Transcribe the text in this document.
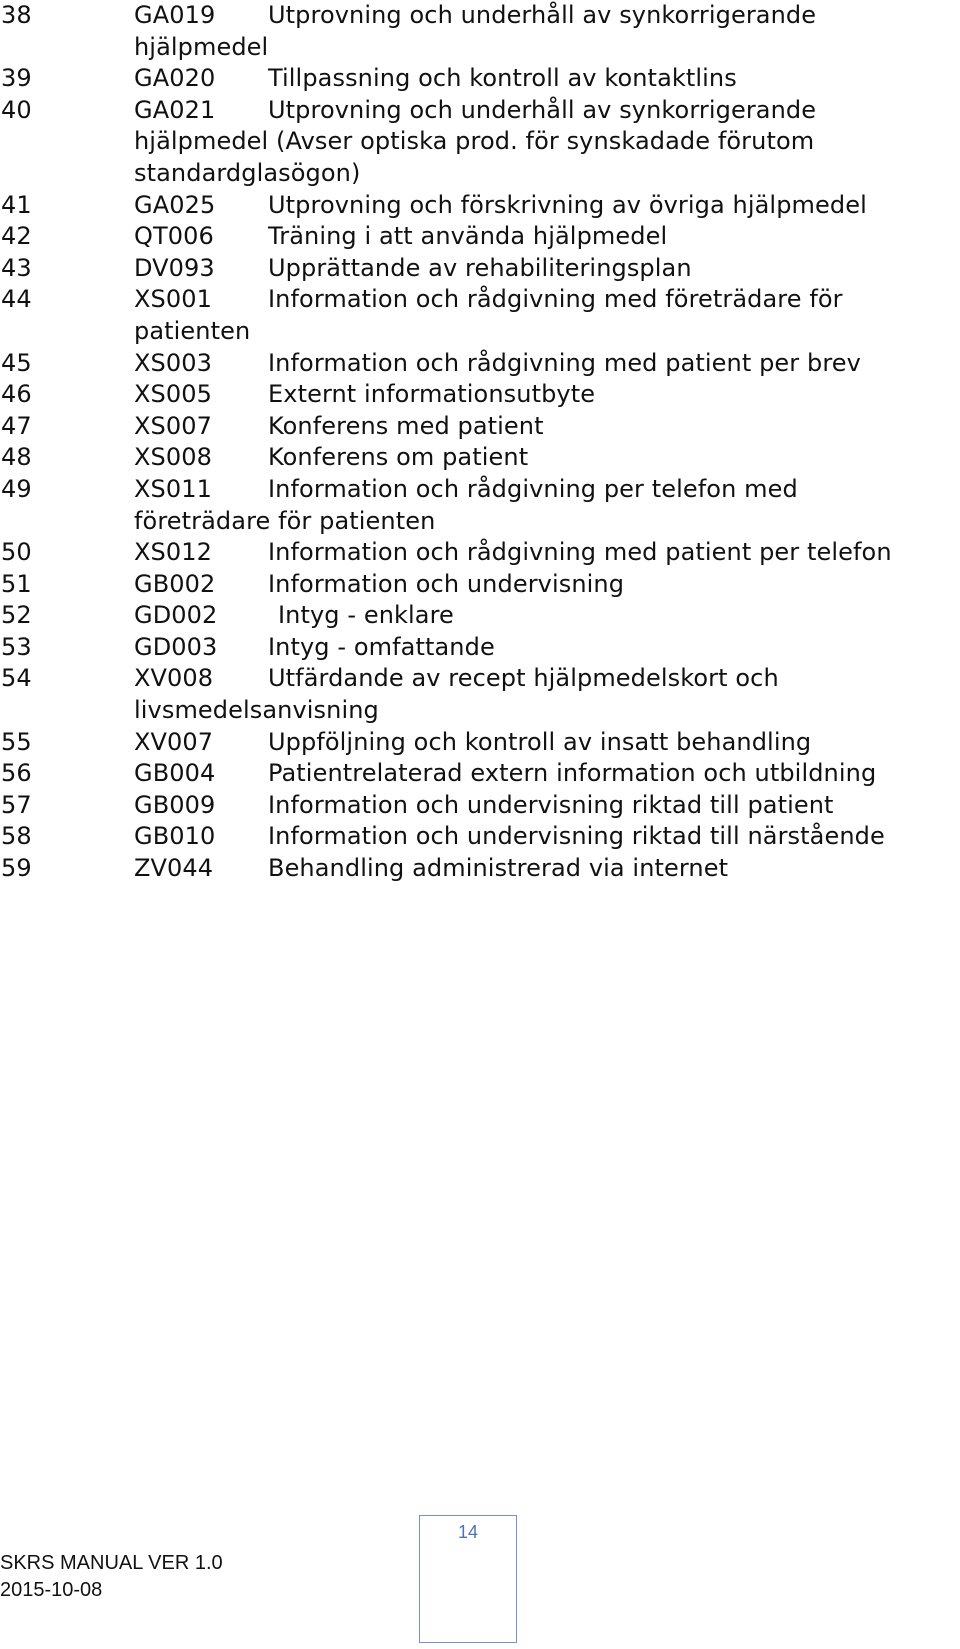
38	GA019	Utprovning och underhåll av synkorrigerande
hjälpmedel
39	GA020	Tillpassning och kontroll av kontaktlins
40	GA021	Utprovning och underhåll av synkorrigerande
hjälpmedel (Avser optiska prod. för synskadade förutom
standardglasögon)
41	GA025	Utprovning och förskrivning av övriga hjälpmedel
42	QT006	Träning i att använda hjälpmedel
43	DV093	Upprättande av rehabiliteringsplan
44	XS001	Information och rådgivning med företrädare för
patienten
45	XS003	Information och rådgivning med patient per brev
46	XS005	Externt informationsutbyte
47	XS007	Konferens med patient
48	XS008	Konferens om patient
49	XS011	Information och rådgivning per telefon med
företrädare för patienten
50	XS012	Information och rådgivning med patient per telefon
51	GB002	Information och undervisning
52	GD002	Intyg - enklare
53	GD003	Intyg - omfattande
54	XV008	Utfärdande av recept hjälpmedelskort och
livsmedelsanvisning
55	XV007	Uppföljning och kontroll av insatt behandling
56	GB004	Patientrelaterad extern information och utbildning
57	GB009	Information och undervisning riktad till patient
58	GB010	Information och undervisning riktad till närstående
59	ZV044	Behandling administrerad via internet
SKRS MANUAL VER 1.0
2015-10-08
14
